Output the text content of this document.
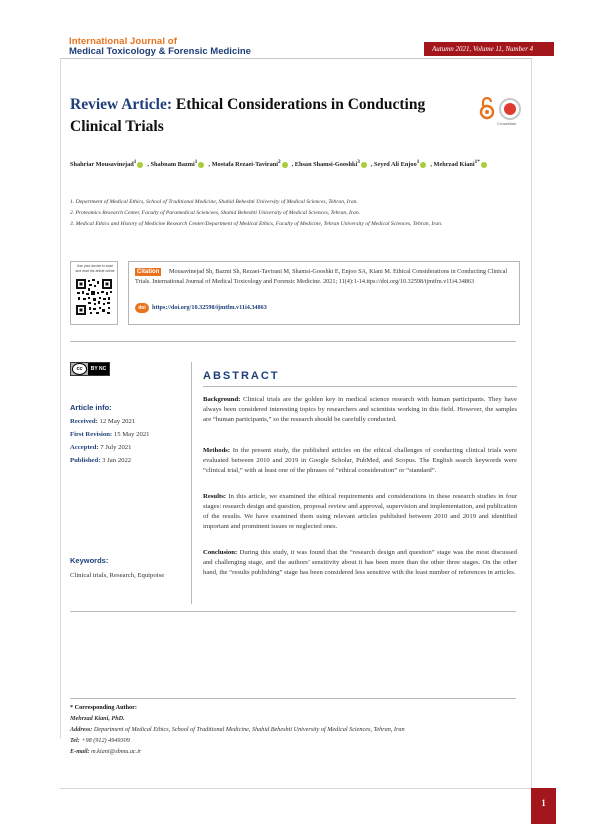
International Journal of
Medical Toxicology & Forensic Medicine	Autumn 2021, Volume 11, Number 4
1
Review Article: Ethical Considerations in Conducting Clinical Trials	CrossMark
Shahriar Mousavinejad$^1$ , Shabnam Bazmi$^1$ , Mostafa Rezaei-Tavirani$^2$ , Ehsan Shamsi-Gooshki$^3$ , Seyed Ali Enjoo$^1$ , Mehrzad Kiani$^{1*}$
1. Department of Medical Ethics, School of Traditional Medicine, Shahid Beheshti University of Medical Sciences, Tehran, Iran.
2. Proteomics Research Center, Faculty of Paramedical Sciencees, Shahid Beheshti University of Medical Sciences, Tehran, Iran.
3. Medical Ethics and History of Medicine Research Center/Department of Medical Ethics, Faculty of Medicine, Tehran University of Medical Sciences, Tehran, Iran.
Use your device to scan and read the article online	Mousavinejad Sh, Bazmi Sh, Rezaei-Tavirani M, Shamsi-Gooshki E, Enjoo SA, Kiani M. Ethical Considerations in Conducting Clinical Trials. International Journal of Medical Toxicology and Forensic Medicine. 2021; 11(4):1-14.ttps://doi.org/10.32598/ijmtfm.v11i4.34863
Citation
doi	https://doi.org/10.32598/ijmtfm.v11i4.34863
cc	BY NC
Article info:
Received: 12 May 2021
First Revision: 15 May 2021
Accepted: 7 July 2021
Published: 3 Jan 2022
Keywords:
Clinical trials, Research, Equipoise
ABSTRACT
Background: Clinical trials are the golden key in medical science research with human participants. They have always been considered interesting topics by researchers and scientists working in this field. However, the samples are “human participants,” so the research should be carefully conducted.
Methods: In the present study, the published articles on the ethical challenges of conducting clinical trials were evaluated between 2010 and 2019 in Google Scholar, PubMed, and Scopus. The English search keywords were “clinical trial,” with at least one of the phrases of “ethical consideration” or “standard”.
Results: In this article, we examined the ethical requirements and considerations in these research studies in four stages: research design and question, proposal review and approval, supervision and implementation, and publication of the results. We have examined them using relevant articles published between 2010 and 2019 and identified important and prominent issues or neglected ones.
Conclusion: During this study, it was found that the “research design and question” stage was the most discussed and challenging stage, and the authors’ sensitivity about it has been more than the other three stages. On the other hand, the “results publishing” stage has been considered less sensitive with the least number of references in articles.
* Corresponding Author:
Mehrzad Kiani, PhD.
Address: Department of Medical Ethics, School of Traditional Medicine, Shahid Beheshti University of Medical Sciences, Tehran, Iran
Tel: +98 (912) 4949309
E-mail: m.kiani@sbmu.ac.ir
